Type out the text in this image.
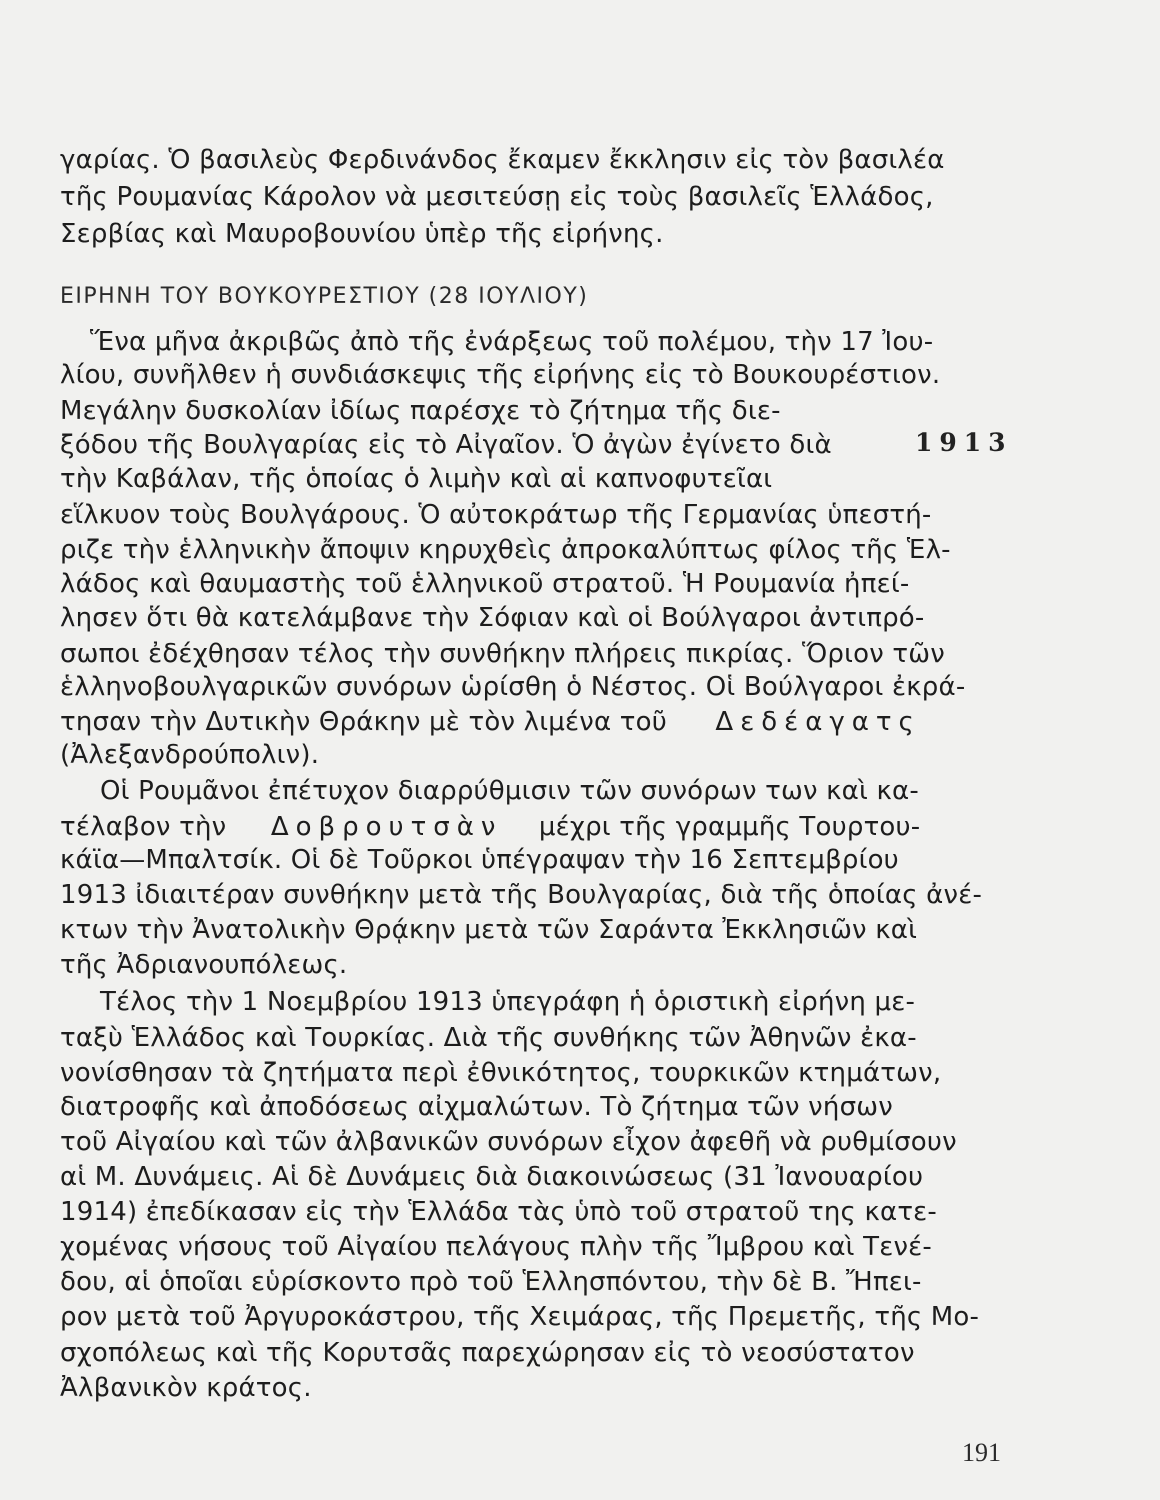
γαρίας. Ὁ βασιλεὺς Φερδινάνδος ἔκαμεν ἔκκλησιν εἰς τὸν βασιλέα
τῆς Ρουμανίας Κάρολον νὰ μεσιτεύσῃ εἰς τοὺς βασιλεῖς Ἑλλάδος,
Σερβίας καὶ Μαυροβουνίου ὑπὲρ τῆς εἰρήνης.
ΕΙΡΗΝΗ ΤΟΥ ΒΟΥΚΟΥΡΕΣΤΙΟΥ (28 ΙΟΥΛΙΟΥ)
Ἕνα μῆνα ἀκριβῶς ἀπὸ τῆς ἐνάρξεως τοῦ πολέμου, τὴν 17 Ἰου-
λίου, συνῆλθεν ἡ συνδιάσκεψις τῆς εἰρήνης εἰς τὸ Βουκουρέστιον.
Μεγάλην δυσκολίαν ἰδίως παρέσχε τὸ ζήτημα τῆς διε-
ξόδου τῆς Βουλγαρίας εἰς τὸ Αἰγαῖον. Ὁ ἀγὼν ἐγίνετο διὰ	1913
τὴν Καβάλαν, τῆς ὁποίας ὁ λιμὴν καὶ αἱ καπνοφυτεῖαι
εἵλκυον τοὺς Βουλγάρους. Ὁ αὐτοκράτωρ τῆς Γερμανίας ὑπεστή-
ριζε τὴν ἑλληνικὴν ἄποψιν κηρυχθεὶς ἀπροκαλύπτως φίλος τῆς Ἑλ-
λάδος καὶ θαυμαστὴς τοῦ ἑλληνικοῦ στρατοῦ. Ἡ Ρουμανία ἠπεί-
λησεν ὅτι θὰ κατελάμβανε τὴν Σόφιαν καὶ οἱ Βούλγαροι ἀντιπρό-
σωποι ἐδέχθησαν τέλος τὴν συνθήκην πλήρεις πικρίας. Ὅριον τῶν
ἑλληνοβουλγαρικῶν συνόρων ὡρίσθη ὁ Νέστος. Οἱ Βούλγαροι ἐκρά-
τησαν τὴν Δυτικὴν Θράκην μὲ τὸν λιμένα τοῦ Δεδέαγατς
(Ἀλεξανδρούπολιν).
Οἱ Ρουμᾶνοι ἐπέτυχον διαρρύθμισιν τῶν συνόρων των καὶ κα-
τέλαβον τὴν Δοβρουτσὰν μέχρι τῆς γραμμῆς Τουρτου-
κάϊα—Μπαλτσίκ. Οἱ δὲ Τοῦρκοι ὑπέγραψαν τὴν 16 Σεπτεμβρίου
1913 ἰδιαιτέραν συνθήκην μετὰ τῆς Βουλγαρίας, διὰ τῆς ὁποίας ἀνέ-
κτων τὴν Ἀνατολικὴν Θρᾴκην μετὰ τῶν Σαράντα Ἐκκλησιῶν καὶ
τῆς Ἀδριανουπόλεως.
Τέλος τὴν 1 Νοεμβρίου 1913 ὑπεγράφη ἡ ὁριστικὴ εἰρήνη με-
ταξὺ Ἑλλάδος καὶ Τουρκίας. Διὰ τῆς συνθήκης τῶν Ἀθηνῶν ἐκα-
νονίσθησαν τὰ ζητήματα περὶ ἐθνικότητος, τουρκικῶν κτημάτων,
διατροφῆς καὶ ἀποδόσεως αἰχμαλώτων. Τὸ ζήτημα τῶν νήσων
τοῦ Αἰγαίου καὶ τῶν ἀλβανικῶν συνόρων εἶχον ἀφεθῆ νὰ ρυθμίσουν
αἱ Μ. Δυνάμεις. Αἱ δὲ Δυνάμεις διὰ διακοινώσεως (31 Ἰανουαρίου
1914) ἐπεδίκασαν εἰς τὴν Ἑλλάδα τὰς ὑπὸ τοῦ στρατοῦ της κατε-
χομένας νήσους τοῦ Αἰγαίου πελάγους πλὴν τῆς Ἴμβρου καὶ Τενέ-
δου, αἱ ὁποῖαι εὑρίσκοντο πρὸ τοῦ Ἑλλησπόντου, τὴν δὲ Β. Ἤπει-
ρον μετὰ τοῦ Ἀργυροκάστρου, τῆς Χειμάρας, τῆς Πρεμετῆς, τῆς Μο-
σχοπόλεως καὶ τῆς Κορυτσᾶς παρεχώρησαν εἰς τὸ νεοσύστατον
Ἀλβανικὸν κράτος.
191
